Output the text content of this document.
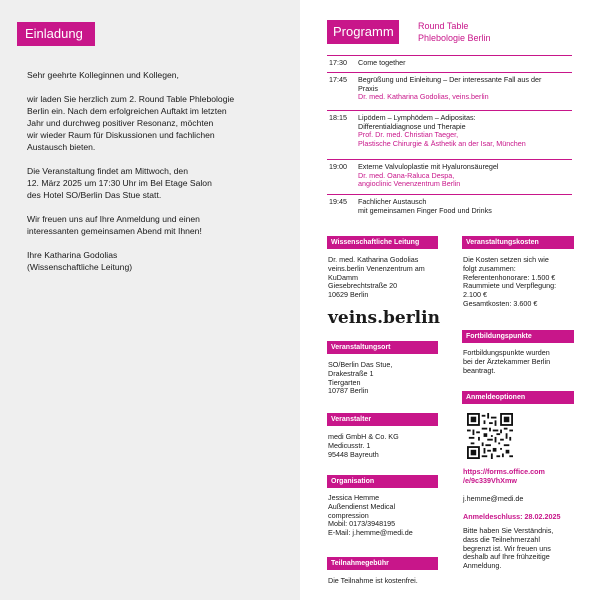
Einladung

Sehr geehrte Kolleginnen und Kollegen,

wir laden Sie herzlich zum 2. Round Table Phlebologie
Berlin ein. Nach dem erfolgreichen Auftakt im letzten
Jahr und durchweg positiver Resonanz, möchten
wir wieder Raum für Diskussionen und fachlichen
Austausch bieten.

Die Veranstaltung findet am Mittwoch, den
12. März 2025 um 17:30 Uhr im Bel Etage Salon
des Hotel SO/Berlin Das Stue statt.

Wir freuen uns auf Ihre Anmeldung und einen
interessanten gemeinsamen Abend mit Ihnen!

Ihre Katharina Godolias
(Wissenschaftliche Leitung)

Programm	Round Table
Phlebologie Berlin
17:30 Come together
17:45 Begrüßung und Einleitung – Der interessante Fall aus der
Praxis
Dr. med. Katharina Godolias, veins.berlin
18:15 Lipödem – Lymphödem – Adipositas:
Differentialdiagnose und Therapie
Prof. Dr. med. Christian Taeger,
Plastische Chirurgie & Ästhetik an der Isar, München
19:00 Externe Valvuloplastie mit Hyaluronsäuregel
Dr. med. Oana-Raluca Despa,
angioclinic Venenzentrum Berlin
19:45 Fachlicher Austausch
mit gemeinsamen Finger Food und Drinks
Wissenschaftliche Leitung
Dr. med. Katharina Godolias
veins.berlin Venenzentrum am
KuDamm
Giesebrechtstraße 20
10629 Berlin
veins.berlin
Veranstaltungsort
SO/Berlin Das Stue,
Drakestraße 1
Tiergarten
10787 Berlin
Veranstalter
medi GmbH & Co. KG
Medicusstr. 1
95448 Bayreuth
Organisation
Jessica Hemme
Außendienst Medical
compression
Mobil: 0173/3948195
E-Mail: j.hemme@medi.de
Teilnahmegebühr
Die Teilnahme ist kostenfrei.
Veranstaltungskosten
Die Kosten setzen sich wie
folgt zusammen:
Referentenhonorare: 1.500 €
Raummiete und Verpflegung:
2.100 €
Gesamtkosten: 3.600 €
Fortbildungspunkte
Fortbildungspunkte wurden
bei der Ärztekammer Berlin
beantragt.
Anmeldeoptionen
https://forms.office.com
/e/9c339VhXmw
j.hemme@medi.de
Anmeldeschluss: 28.02.2025
Bitte haben Sie Verständnis,
dass die Teilnehmerzahl
begrenzt ist. Wir freuen uns
deshalb auf Ihre frühzeitige
Anmeldung.
